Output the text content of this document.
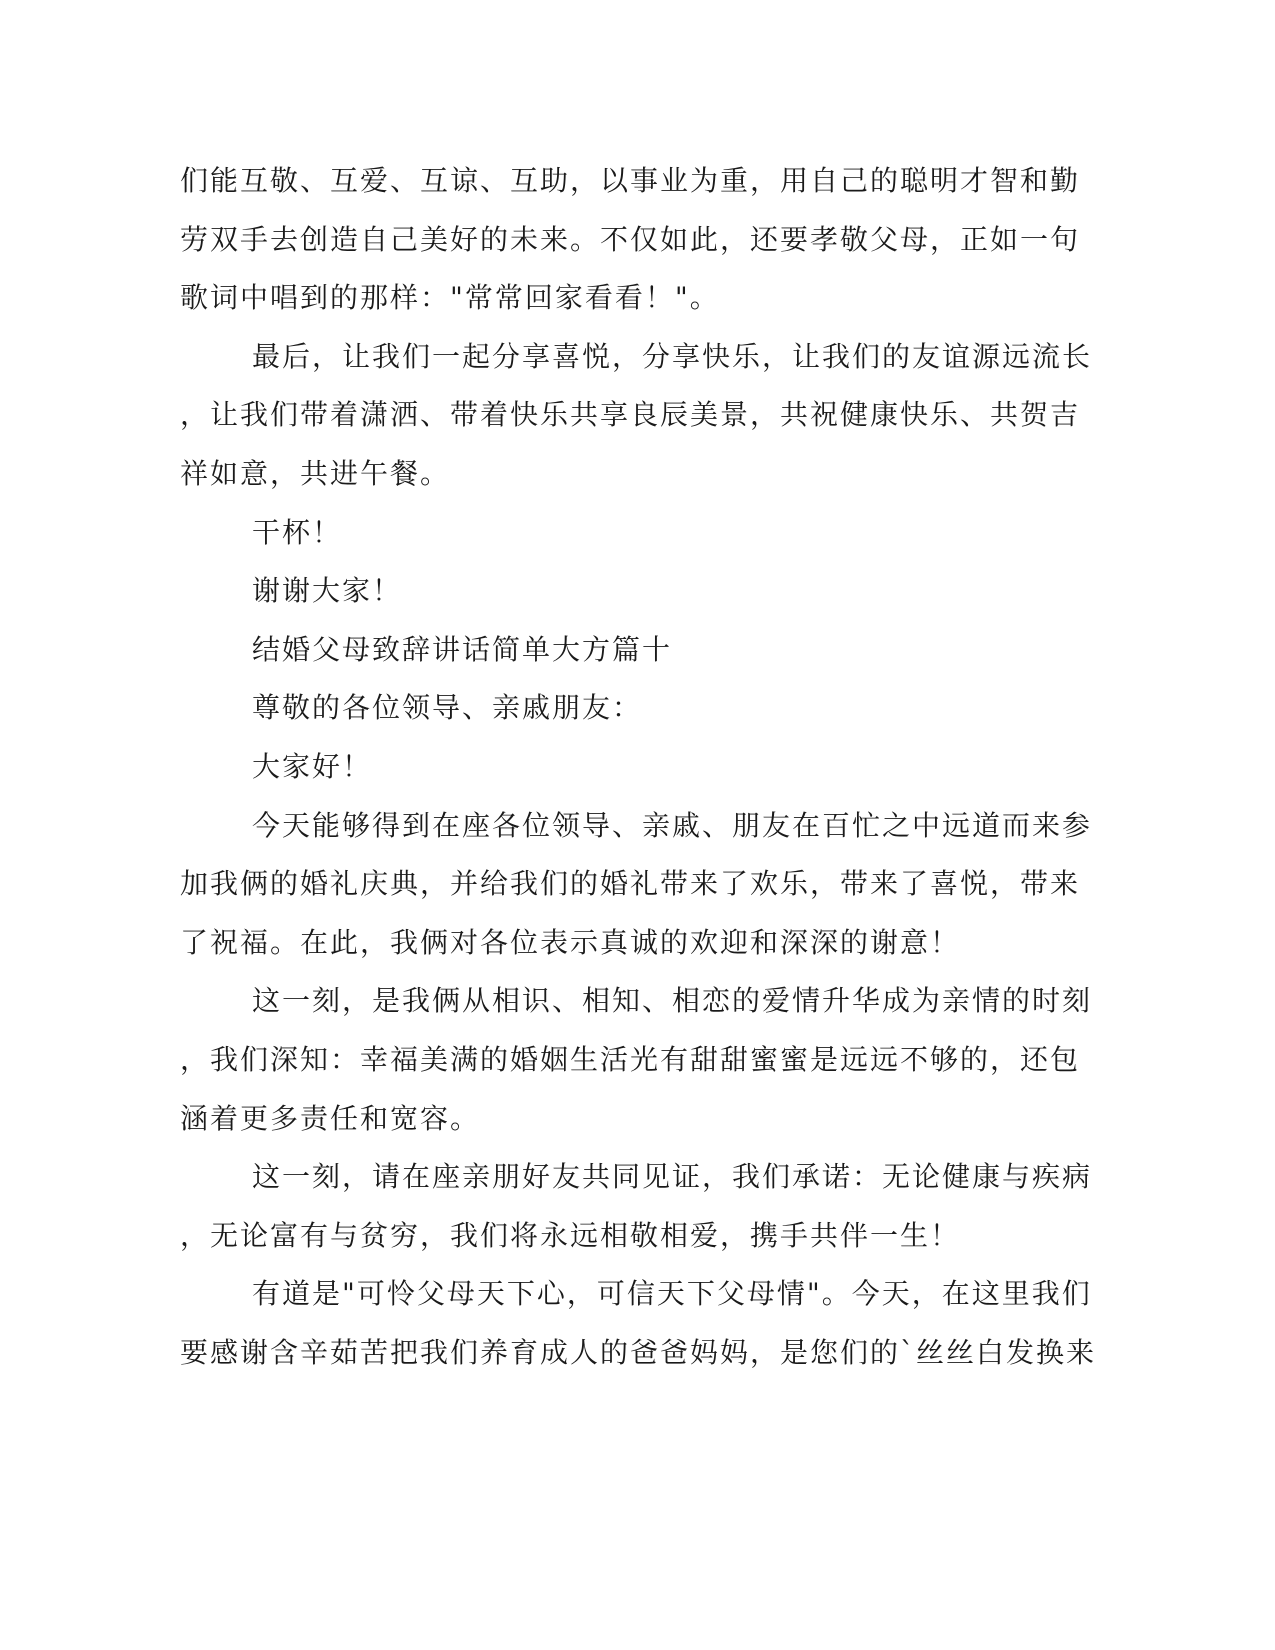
们能互敬、互爱、互谅、互助，以事业为重，用自己的聪明才智和勤
劳双手去创造自己美好的未来。不仅如此，还要孝敬父母，正如一句
歌词中唱到的那样："常常回家看看！"。
最后，让我们一起分享喜悦，分享快乐，让我们的友谊源远流长
，让我们带着潇洒、带着快乐共享良辰美景，共祝健康快乐、共贺吉
祥如意，共进午餐。
干杯！
谢谢大家！
结婚父母致辞讲话简单大方篇十
尊敬的各位领导、亲戚朋友：
大家好！
今天能够得到在座各位领导、亲戚、朋友在百忙之中远道而来参
加我俩的婚礼庆典，并给我们的婚礼带来了欢乐，带来了喜悦，带来
了祝福。在此，我俩对各位表示真诚的欢迎和深深的谢意！
这一刻，是我俩从相识、相知、相恋的爱情升华成为亲情的时刻
，我们深知：幸福美满的婚姻生活光有甜甜蜜蜜是远远不够的，还包
涵着更多责任和宽容。
这一刻，请在座亲朋好友共同见证，我们承诺：无论健康与疾病
，无论富有与贫穷，我们将永远相敬相爱，携手共伴一生！
有道是"可怜父母天下心，可信天下父母情"。今天，在这里我们
要感谢含辛茹苦把我们养育成人的爸爸妈妈，是您们的`丝丝白发换来
